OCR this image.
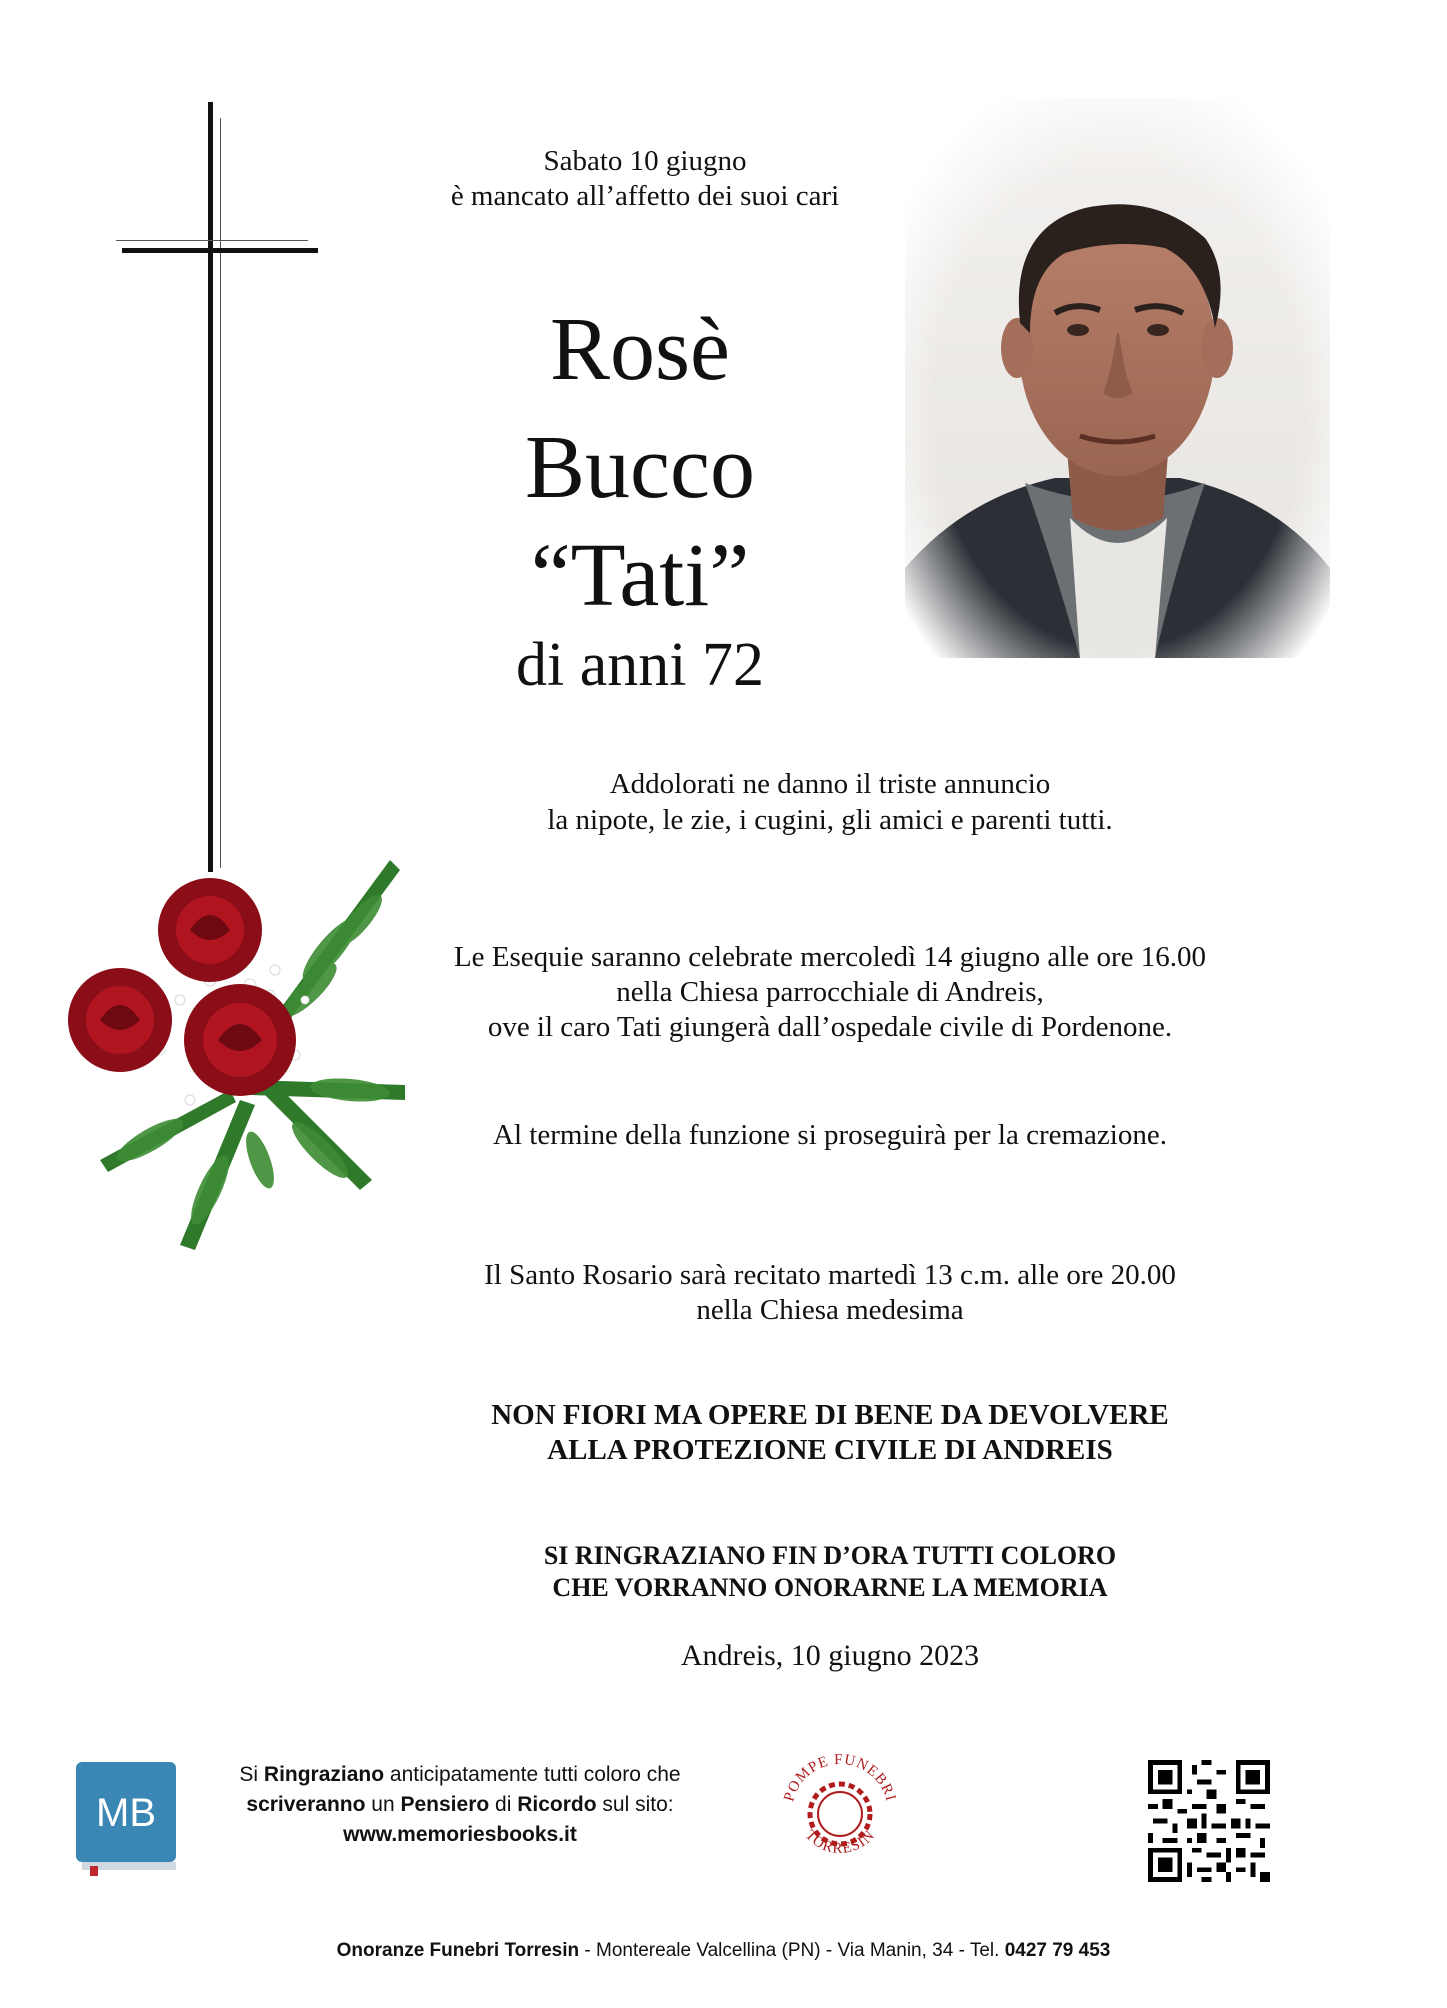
Sabato 10 giugno
è mancato all’affetto dei suoi cari
Rosè
Bucco
“Tati”
di anni 72
Addolorati ne danno il triste annuncio
la nipote, le zie, i cugini, gli amici e parenti tutti.
Le Esequie saranno celebrate mercoledì 14 giugno alle ore 16.00
nella Chiesa parrocchiale di Andreis,
ove il caro Tati giungerà dall’ospedale civile di Pordenone.
Al termine della funzione si proseguirà per la cremazione.
Il Santo Rosario sarà recitato martedì 13 c.m. alle ore 20.00
nella Chiesa medesima
NON FIORI MA OPERE DI BENE DA DEVOLVERE
ALLA PROTEZIONE CIVILE DI ANDREIS
SI RINGRAZIANO FIN D’ORA TUTTI COLORO
CHE VORRANNO ONORARNE LA MEMORIA
Andreis, 10 giugno 2023
MB
Si Ringraziano anticipatamente tutti coloro che
scriveranno un Pensiero di Ricordo sul sito:
www.memoriesbooks.it
POMPE FUNEBRI
TORRESIN
Onoranze Funebri Torresin - Montereale Valcellina (PN) - Via Manin, 34 - Tel. 0427 79 453
